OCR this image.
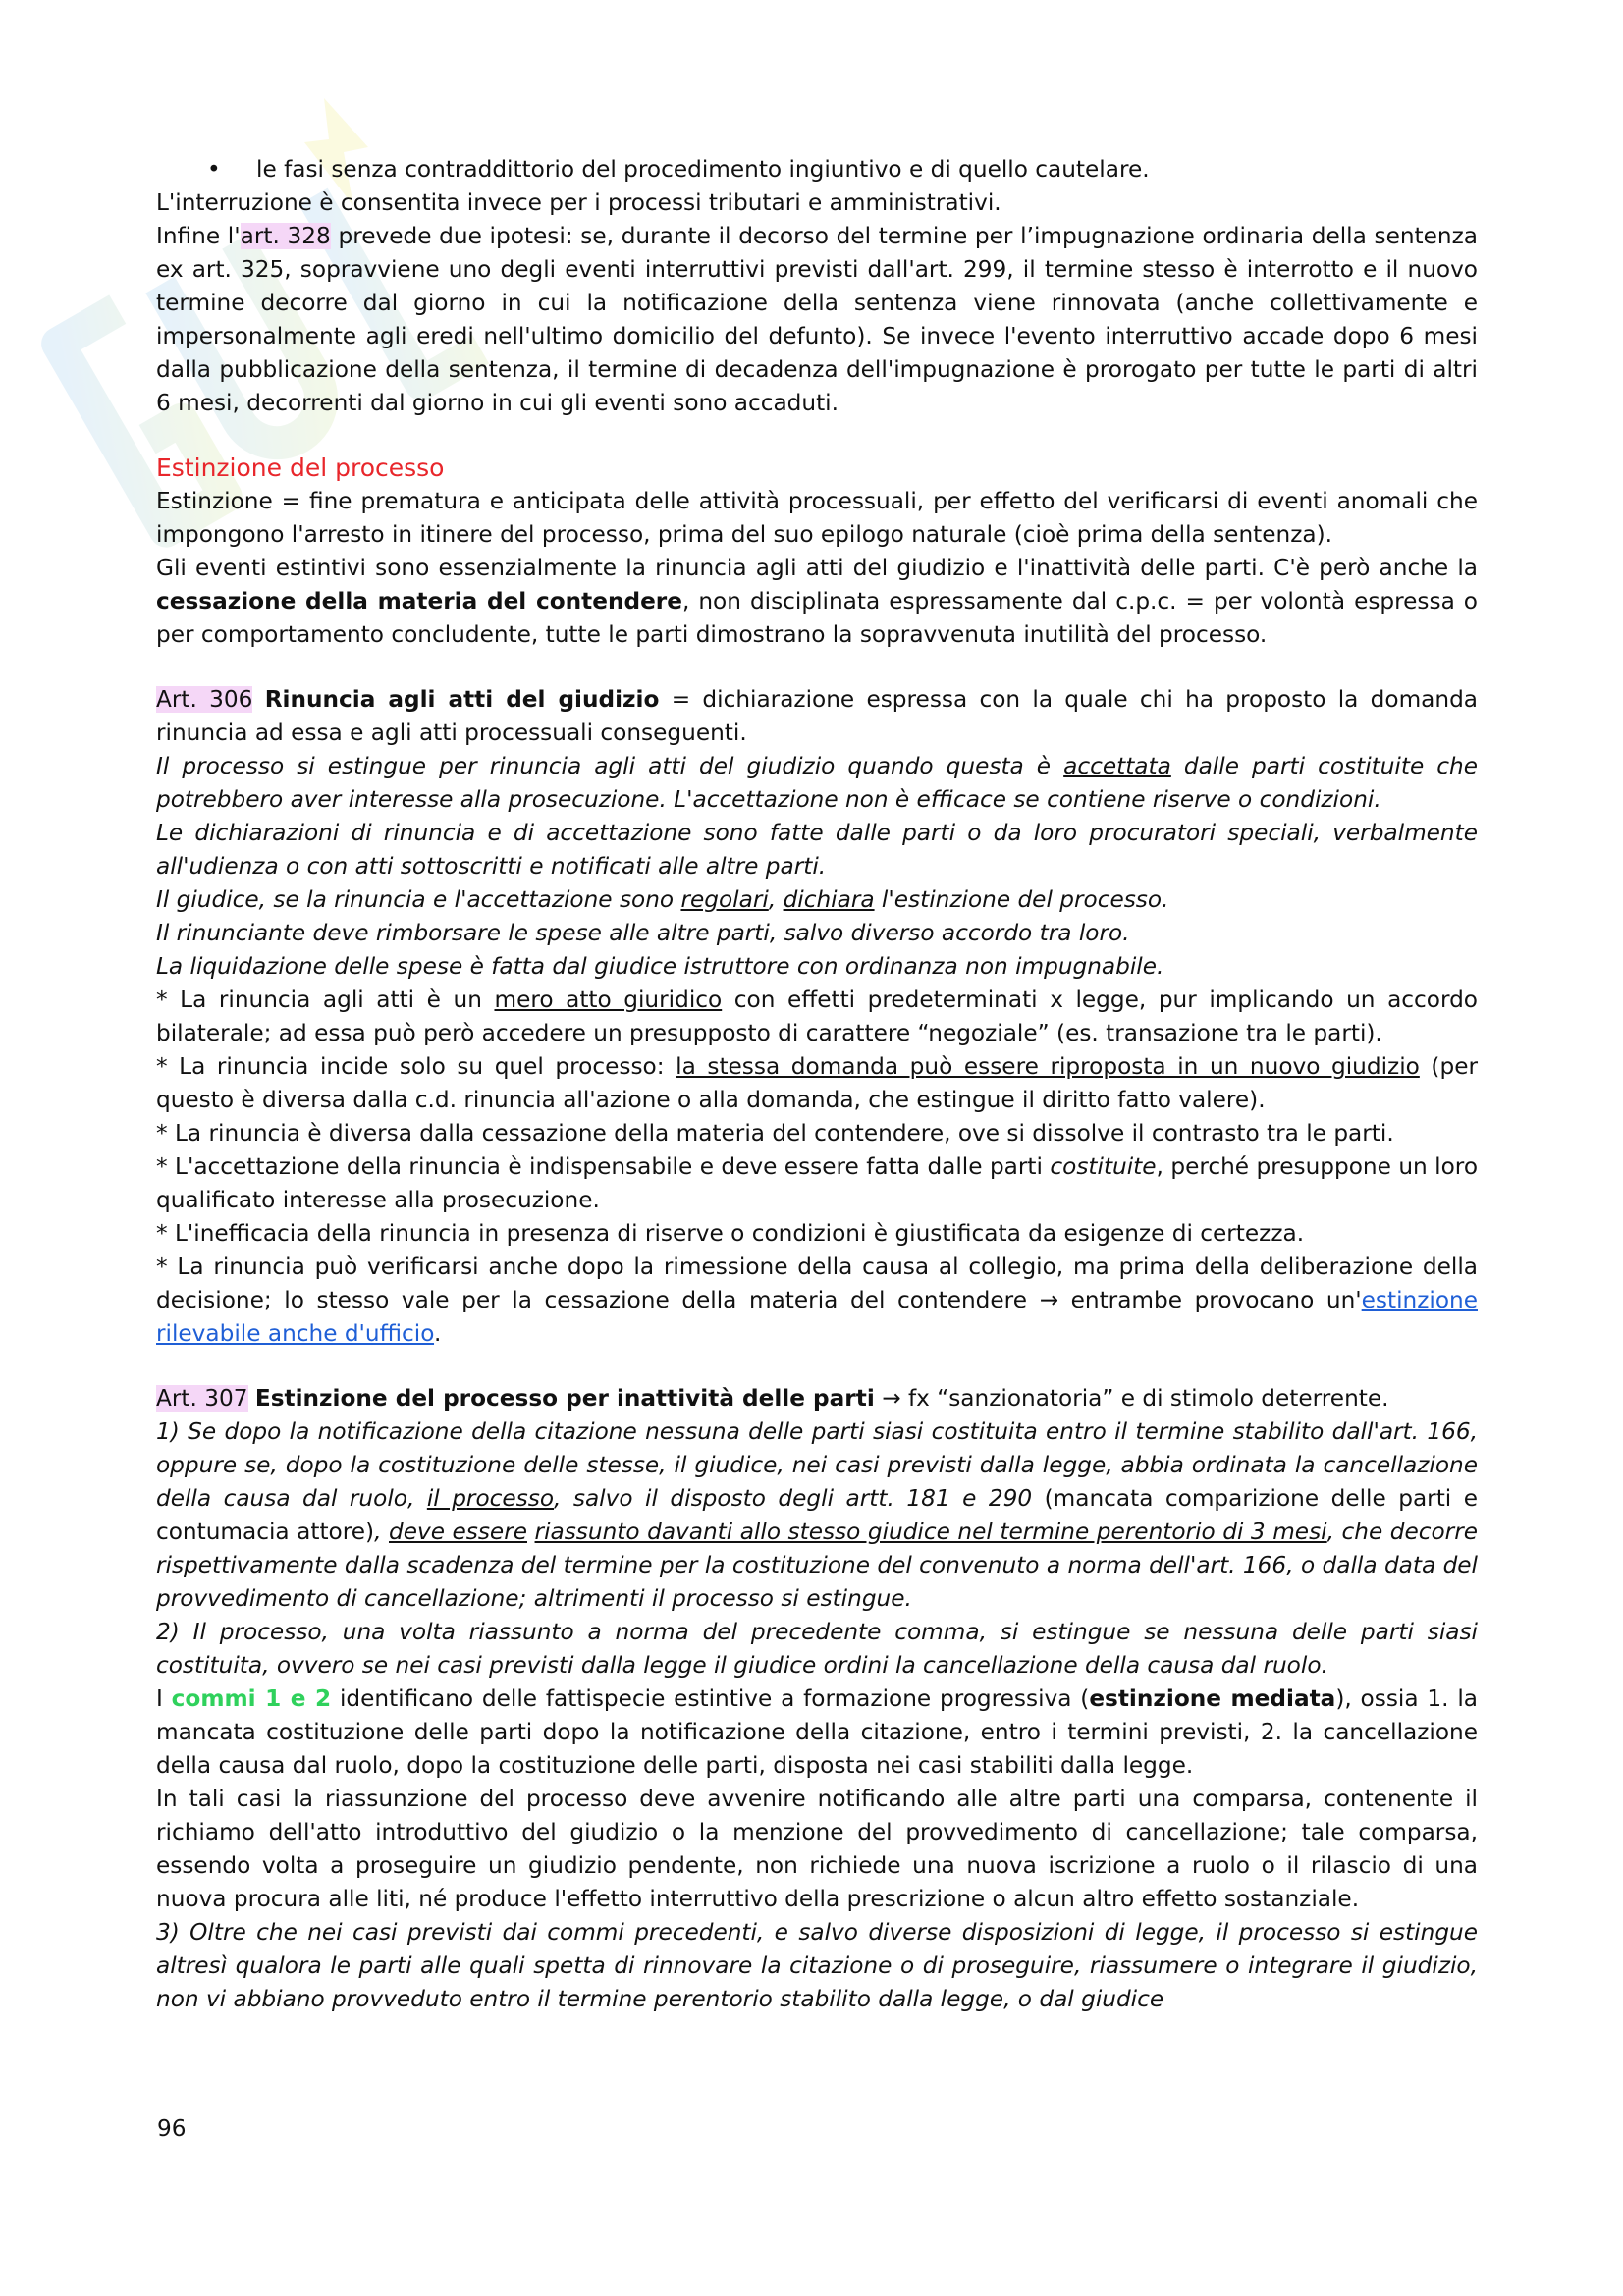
• le fasi senza contraddittorio del procedimento ingiuntivo e di quello cautelare.

L'interruzione è consentita invece per i processi tributari e amministrativi.

Infine l'art. 328 prevede due ipotesi: se, durante il decorso del termine per l’impugnazione ordinaria della sentenza ex art. 325, sopravviene uno degli eventi interruttivi previsti dall'art. 299, il termine stesso è interrotto e il nuovo termine decorre dal giorno in cui la notificazione della sentenza viene rinnovata (anche collettivamente e impersonalmente agli eredi nell'ultimo domicilio del defunto). Se invece l'evento interruttivo accade dopo 6 mesi dalla pubblicazione della sentenza, il termine di decadenza dell'impugnazione è prorogato per tutte le parti di altri 6 mesi, decorrenti dal giorno in cui gli eventi sono accaduti.

Estinzione del processo

Estinzione = fine prematura e anticipata delle attività processuali, per effetto del verificarsi di eventi anomali che impongono l'arresto in itinere del processo, prima del suo epilogo naturale (cioè prima della sentenza).

Gli eventi estintivi sono essenzialmente la rinuncia agli atti del giudizio e l'inattività delle parti. C'è però anche la cessazione della materia del contendere, non disciplinata espressamente dal c.p.c. = per volontà espressa o per comportamento concludente, tutte le parti dimostrano la sopravvenuta inutilità del processo.

Art. 306 Rinuncia agli atti del giudizio = dichiarazione espressa con la quale chi ha proposto la domanda rinuncia ad essa e agli atti processuali conseguenti.

Il processo si estingue per rinuncia agli atti del giudizio quando questa è accettata dalle parti costituite che potrebbero aver interesse alla prosecuzione. L'accettazione non è efficace se contiene riserve o condizioni.

Le dichiarazioni di rinuncia e di accettazione sono fatte dalle parti o da loro procuratori speciali, verbalmente all'udienza o con atti sottoscritti e notificati alle altre parti.

Il giudice, se la rinuncia e l'accettazione sono regolari, dichiara l'estinzione del processo.

Il rinunciante deve rimborsare le spese alle altre parti, salvo diverso accordo tra loro.

La liquidazione delle spese è fatta dal giudice istruttore con ordinanza non impugnabile.

* La rinuncia agli atti è un mero atto giuridico con effetti predeterminati x legge, pur implicando un accordo bilaterale; ad essa può però accedere un presupposto di carattere “negoziale” (es. transazione tra le parti).

* La rinuncia incide solo su quel processo: la stessa domanda può essere riproposta in un nuovo giudizio (per questo è diversa dalla c.d. rinuncia all'azione o alla domanda, che estingue il diritto fatto valere).

* La rinuncia è diversa dalla cessazione della materia del contendere, ove si dissolve il contrasto tra le parti.

* L'accettazione della rinuncia è indispensabile e deve essere fatta dalle parti costituite, perché presuppone un loro qualificato interesse alla prosecuzione.

* L'inefficacia della rinuncia in presenza di riserve o condizioni è giustificata da esigenze di certezza.

* La rinuncia può verificarsi anche dopo la rimessione della causa al collegio, ma prima della deliberazione della decisione; lo stesso vale per la cessazione della materia del contendere → entrambe provocano un'estinzione rilevabile anche d'ufficio.

Art. 307 Estinzione del processo per inattività delle parti → fx “sanzionatoria” e di stimolo deterrente.

1) Se dopo la notificazione della citazione nessuna delle parti siasi costituita entro il termine stabilito dall'art. 166, oppure se, dopo la costituzione delle stesse, il giudice, nei casi previsti dalla legge, abbia ordinata la cancellazione della causa dal ruolo, il processo, salvo il disposto degli artt. 181 e 290 (mancata comparizione delle parti e contumacia attore), deve essere riassunto davanti allo stesso giudice nel termine perentorio di 3 mesi, che decorre rispettivamente dalla scadenza del termine per la costituzione del convenuto a norma dell'art. 166, o dalla data del provvedimento di cancellazione; altrimenti il processo si estingue.

2) Il processo, una volta riassunto a norma del precedente comma, si estingue se nessuna delle parti siasi costituita, ovvero se nei casi previsti dalla legge il giudice ordini la cancellazione della causa dal ruolo.

I commi 1 e 2 identificano delle fattispecie estintive a formazione progressiva (estinzione mediata), ossia 1. la mancata costituzione delle parti dopo la notificazione della citazione, entro i termini previsti, 2. la cancellazione della causa dal ruolo, dopo la costituzione delle parti, disposta nei casi stabiliti dalla legge.

In tali casi la riassunzione del processo deve avvenire notificando alle altre parti una comparsa, contenente il richiamo dell'atto introduttivo del giudizio o la menzione del provvedimento di cancellazione; tale comparsa, essendo volta a proseguire un giudizio pendente, non richiede una nuova iscrizione a ruolo o il rilascio di una nuova procura alle liti, né produce l'effetto interruttivo della prescrizione o alcun altro effetto sostanziale.

3) Oltre che nei casi previsti dai commi precedenti, e salvo diverse disposizioni di legge, il processo si estingue altresì qualora le parti alle quali spetta di rinnovare la citazione o di proseguire, riassumere o integrare il giudizio, non vi abbiano provveduto entro il termine perentorio stabilito dalla legge, o dal giudice

96
